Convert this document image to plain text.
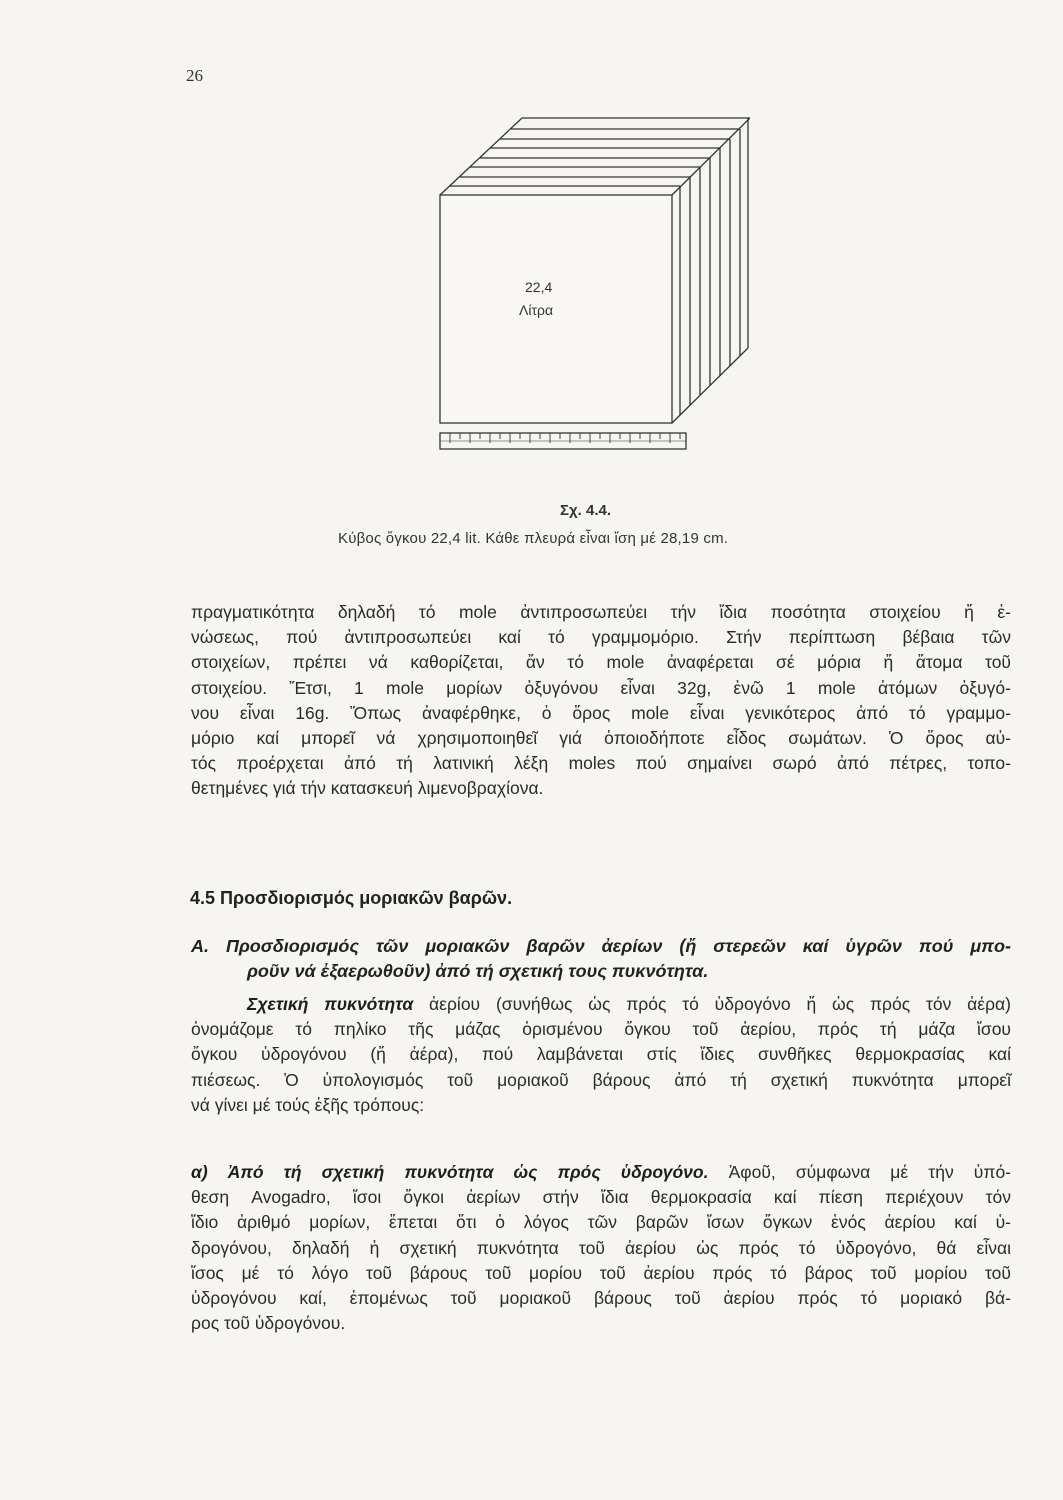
26
22,4
Λίτρα
Σχ. 4.4.
Κύβος ὄγκου 22,4 lit. Κάθε πλευρά εἶναι ἴση μέ 28,19 cm.
πραγματικότητα δηλαδή τό mole ἀντιπροσωπεύει τήν ἴδια ποσότητα στοιχείου ἤ ἑ-
νώσεως, πού ἀντιπροσωπεύει καί τό γραμμομόριο. Στήν περίπτωση βέβαια τῶν
στοιχείων, πρέπει νά καθορίζεται, ἄν τό mole ἀναφέρεται σέ μόρια ἤ ἄτομα τοῦ
στοιχείου. Ἔτσι, 1 mole μορίων ὀξυγόνου εἶναι 32g, ἐνῶ 1 mole ἀτόμων ὀξυγό-
νου εἶναι 16g. Ὅπως ἀναφέρθηκε, ὁ ὅρος mole εἶναι γενικότερος ἀπό τό γραμμο-
μόριο καί μπορεῖ νά χρησιμοποιηθεῖ γιά ὁποιοδήποτε εἶδος σωμάτων. Ὁ ὅρος αὐ-
τός προέρχεται ἀπό τή λατινική λέξη moles πού σημαίνει σωρό ἀπό πέτρες, τοπο-
θετημένες γιά τήν κατασκευή λιμενοβραχίονα.
4.5 Προσδιορισμός μοριακῶν βαρῶν.
Α. Προσδιορισμός τῶν μοριακῶν βαρῶν ἀερίων (ἤ στερεῶν καί ὑγρῶν πού μπο-
ροῦν νά ἐξαερωθοῦν) ἀπό τή σχετική τους πυκνότητα.
Σχετική πυκνότητα ἀερίου (συνήθως ὡς πρός τό ὑδρογόνο ἤ ὡς πρός τόν ἀέρα)
ὀνομάζομε τό πηλίκο τῆς μάζας ὁρισμένου ὄγκου τοῦ ἀερίου, πρός τή μάζα ἴσου
ὄγκου ὑδρογόνου (ἤ ἀέρα), πού λαμβάνεται στίς ἴδιες συνθῆκες θερμοκρασίας καί
πιέσεως. Ὁ ὑπολογισμός τοῦ μοριακοῦ βάρους ἀπό τή σχετική πυκνότητα μπορεῖ
νά γίνει μέ τούς ἑξῆς τρόπους:
α) Ἀπό τή σχετική πυκνότητα ὡς πρός ὑδρογόνο. Ἀφοῦ, σύμφωνα μέ τήν ὑπό-
θεση Avogadro, ἴσοι ὄγκοι ἀερίων στήν ἴδια θερμοκρασία καί πίεση περιέχουν τόν
ἴδιο ἀριθμό μορίων, ἔπεται ὅτι ὁ λόγος τῶν βαρῶν ἴσων ὄγκων ἑνός ἀερίου καί ὑ-
δρογόνου, δηλαδή ἡ σχετική πυκνότητα τοῦ ἀερίου ὡς πρός τό ὑδρογόνο, θά εἶναι
ἴσος μέ τό λόγο τοῦ βάρους τοῦ μορίου τοῦ ἀερίου πρός τό βάρος τοῦ μορίου τοῦ
ὑδρογόνου καί, ἑπομένως τοῦ μοριακοῦ βάρους τοῦ ἀερίου πρός τό μοριακό βά-
ρος τοῦ ὑδρογόνου.
